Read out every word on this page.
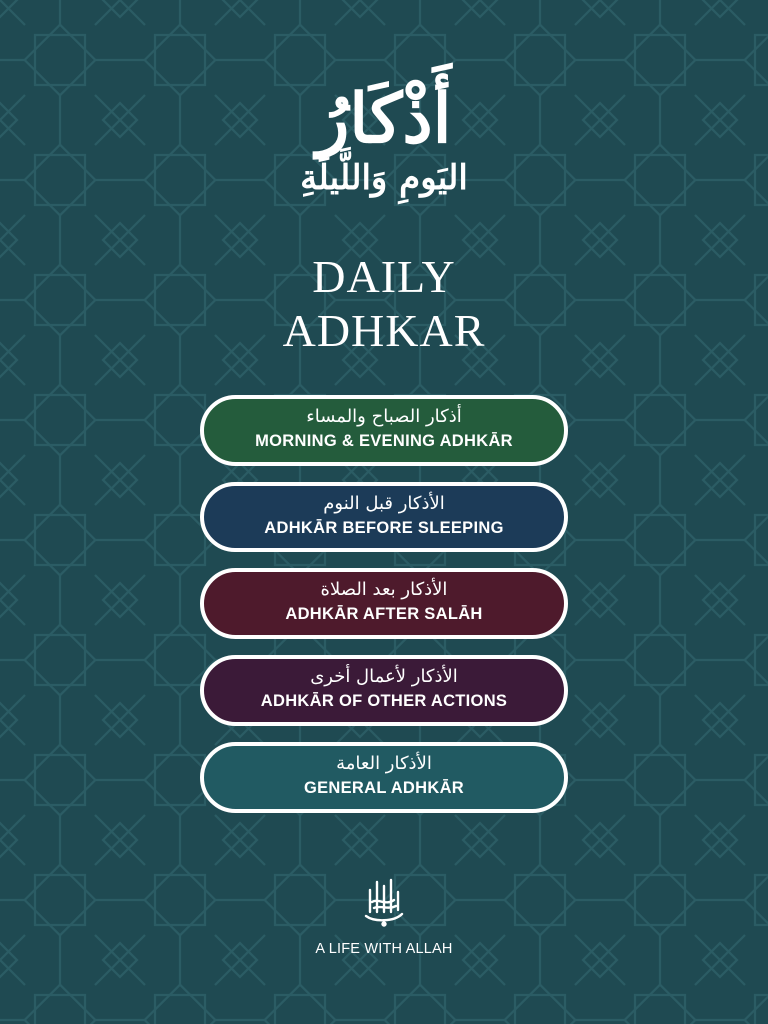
أَذْكَارُ
اليَومِ وَاللَّيلَةِ
DAILY
ADHKAR
أذكار الصباح والمساء
MORNING & EVENING ADHKĀR
الأذكار قبل النوم
ADHKĀR BEFORE SLEEPING
الأذكار بعد الصلاة
ADHKĀR AFTER SALĀH
الأذكار لأعمال أخرى
ADHKĀR OF OTHER ACTIONS
الأذكار العامة
GENERAL ADHKĀR
A LIFE WITH ALLAH
